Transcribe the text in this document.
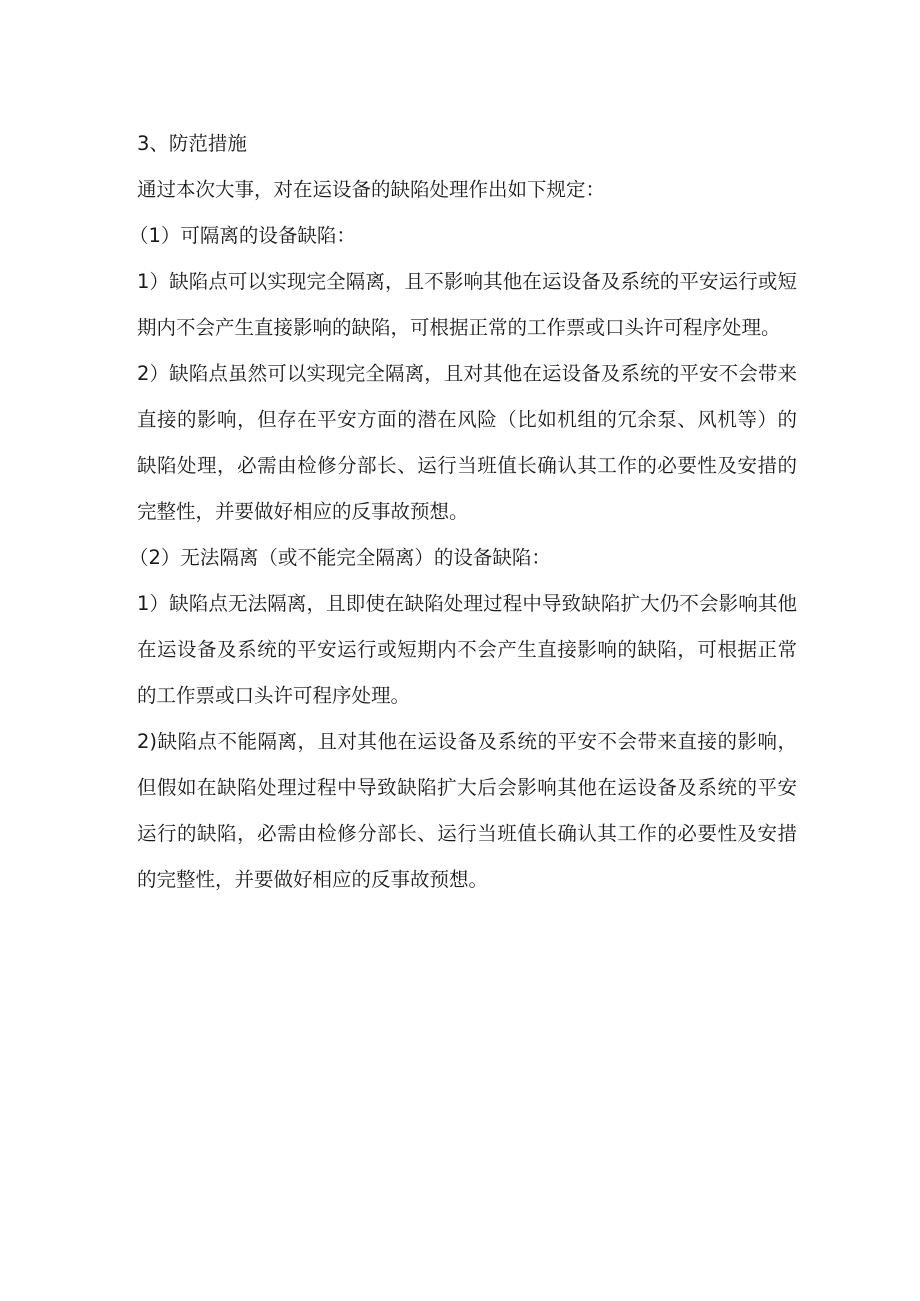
3、防范措施

通过本次大事，对在运设备的缺陷处理作出如下规定：

（1）可隔离的设备缺陷：

1）缺陷点可以实现完全隔离，且不影响其他在运设备及系统的平安运行或短期内不会产生直接影响的缺陷，可根据正常的工作票或口头许可程序处理。

2）缺陷点虽然可以实现完全隔离，且对其他在运设备及系统的平安不会带来直接的影响，但存在平安方面的潜在风险（比如机组的冗余泵、风机等）的缺陷处理，必需由检修分部长、运行当班值长确认其工作的必要性及安措的完整性，并要做好相应的反事故预想。

（2）无法隔离（或不能完全隔离）的设备缺陷：

1）缺陷点无法隔离，且即使在缺陷处理过程中导致缺陷扩大仍不会影响其他在运设备及系统的平安运行或短期内不会产生直接影响的缺陷，可根据正常的工作票或口头许可程序处理。

2)缺陷点不能隔离，且对其他在运设备及系统的平安不会带来直接的影响，但假如在缺陷处理过程中导致缺陷扩大后会影响其他在运设备及系统的平安运行的缺陷，必需由检修分部长、运行当班值长确认其工作的必要性及安措的完整性，并要做好相应的反事故预想。
